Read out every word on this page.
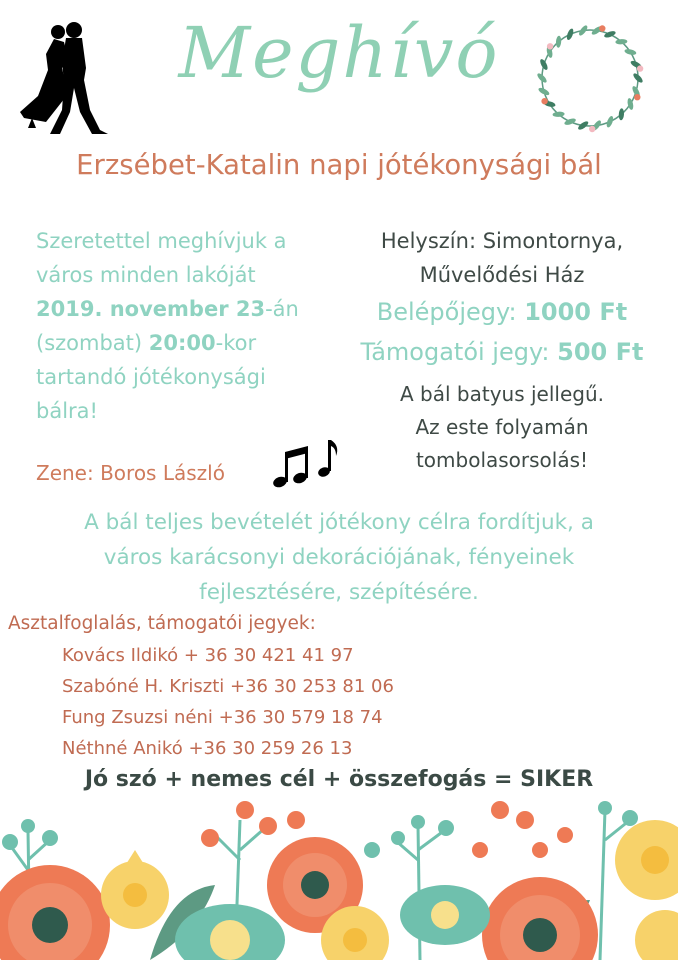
Meghívó
Erzsébet-Katalin napi jótékonysági bál

Szeretettel meghívjuk a

város minden lakóját

2019. november 23-án

(szombat) 20:00-kor

tartandó jótékonysági

bálra!

Zene: Boros László

Helyszín: Simontornya,

Művelődési Ház

Belépőjegy: 1000 Ft

Támogatói jegy: 500 Ft

A bál batyus jellegű.

Az este folyamán

tombolasorsolás!

A bál teljes bevételét jótékony célra fordítjuk, a

város karácsonyi dekorációjának, fényeinek

fejlesztésére, szépítésére.

Asztalfoglalás, támogatói jegyek:
Kovács Ildikó + 36 30 421 41 97
Szabóné H. Kriszti +36 30 253 81 06
Fung Zsuzsi néni +36 30 579 18 74
Néthné Anikó +36 30 259 26 13
Jó szó + nemes cél + összefogás = SIKER
